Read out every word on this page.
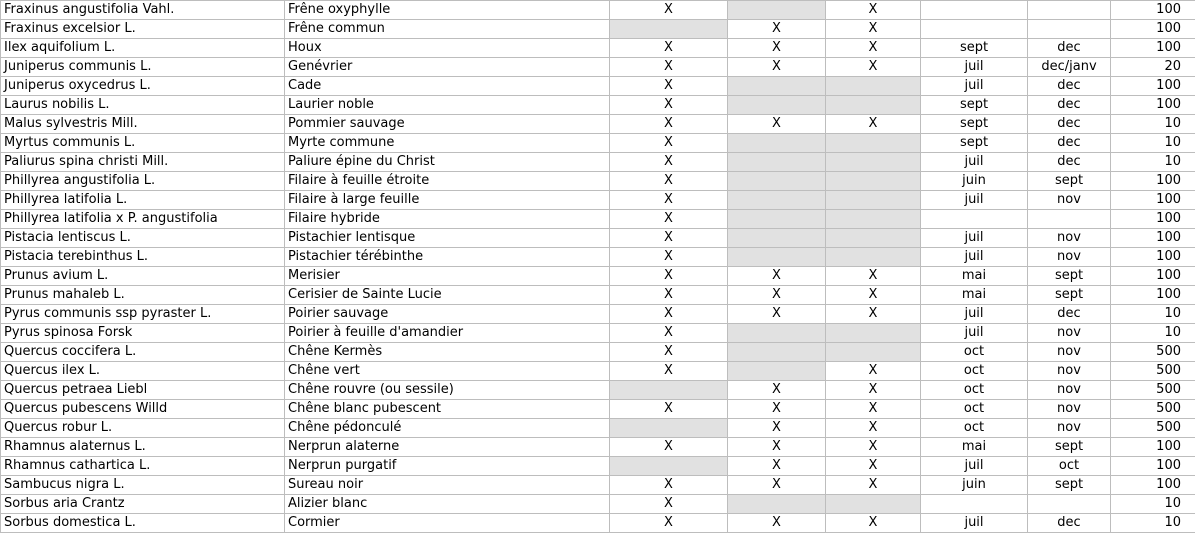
Fraxinus angustifolia Vahl.	Frêne oxyphylle	X		X			100
Fraxinus excelsior L.	Frêne commun		X	X			100
Ilex aquifolium L.	Houx	X	X	X	sept	dec	100
Juniperus communis L.	Genévrier	X	X	X	juil	dec/janv	20
Juniperus oxycedrus L.	Cade	X			juil	dec	100
Laurus nobilis L.	Laurier noble	X			sept	dec	100
Malus sylvestris Mill.	Pommier sauvage	X	X	X	sept	dec	10
Myrtus communis L.	Myrte commune	X			sept	dec	10
Paliurus spina christi Mill.	Paliure épine du Christ	X			juil	dec	10
Phillyrea angustifolia L.	Filaire à feuille étroite	X			juin	sept	100
Phillyrea latifolia L.	Filaire à large feuille	X			juil	nov	100
Phillyrea latifolia x P. angustifolia	Filaire hybride	X					100
Pistacia lentiscus L.	Pistachier lentisque	X			juil	nov	100
Pistacia terebinthus L.	Pistachier térébinthe	X			juil	nov	100
Prunus avium L.	Merisier	X	X	X	mai	sept	100
Prunus mahaleb L.	Cerisier de Sainte Lucie	X	X	X	mai	sept	100
Pyrus communis ssp pyraster L.	Poirier sauvage	X	X	X	juil	dec	10
Pyrus spinosa Forsk	Poirier à feuille d'amandier	X			juil	nov	10
Quercus coccifera L.	Chêne Kermès	X			oct	nov	500
Quercus ilex L.	Chêne vert	X		X	oct	nov	500
Quercus petraea Liebl	Chêne rouvre (ou sessile)		X	X	oct	nov	500
Quercus pubescens Willd	Chêne blanc pubescent	X	X	X	oct	nov	500
Quercus robur L.	Chêne pédonculé		X	X	oct	nov	500
Rhamnus alaternus L.	Nerprun alaterne	X	X	X	mai	sept	100
Rhamnus cathartica L.	Nerprun purgatif		X	X	juil	oct	100
Sambucus nigra L.	Sureau noir	X	X	X	juin	sept	100
Sorbus aria Crantz	Alizier blanc	X					10
Sorbus domestica L.	Cormier	X	X	X	juil	dec	10
